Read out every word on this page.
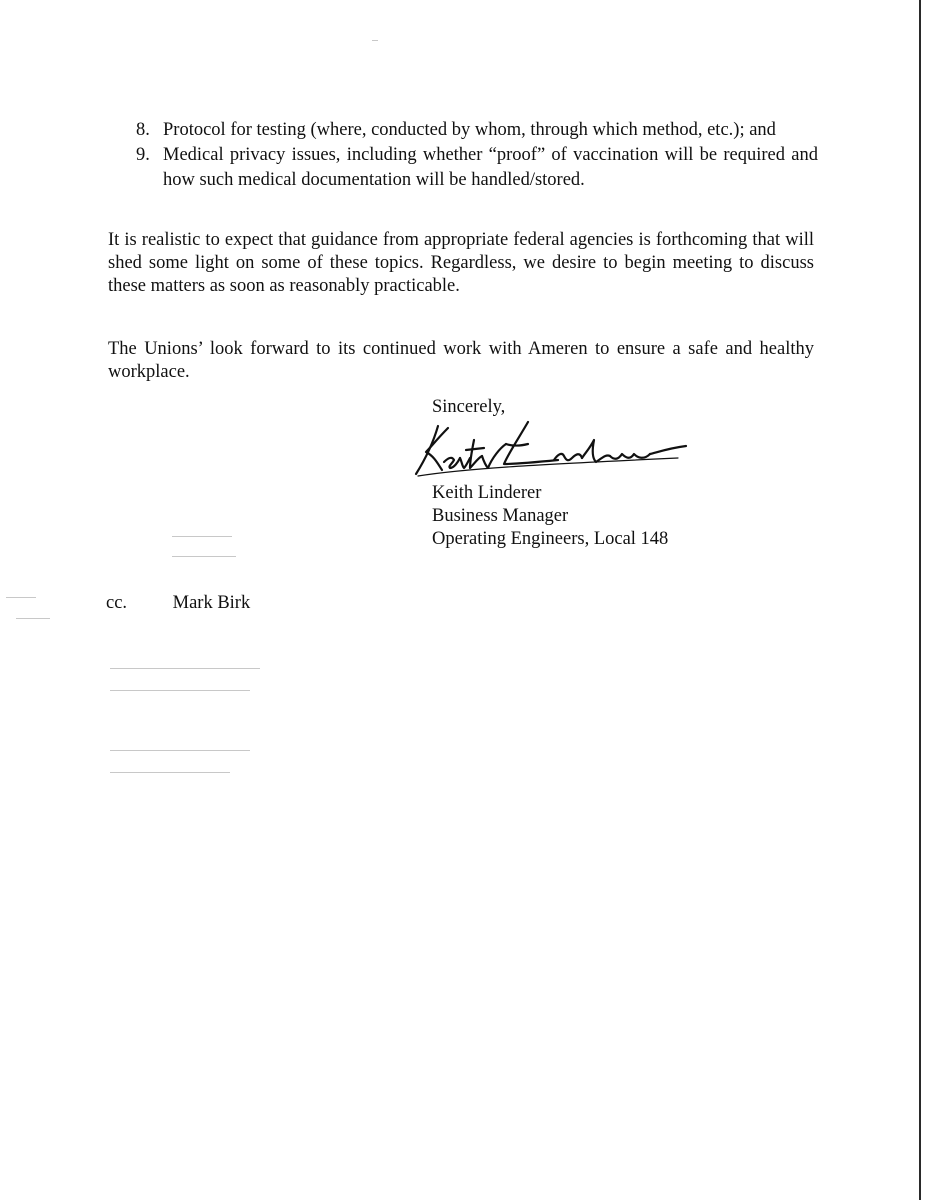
8. Protocol for testing (where, conducted by whom, through which method, etc.); and
9. Medical privacy issues, including whether “proof” of vaccination will be required and how such medical documentation will be handled/stored.

It is realistic to expect that guidance from appropriate federal agencies is forthcoming that will shed some light on some of these topics. Regardless, we desire to begin meeting to discuss these matters as soon as reasonably practicable.

The Unions’ look forward to its continued work with Ameren to ensure a safe and healthy workplace.

Sincerely,
Keith Linderer
Business Manager
Operating Engineers, Local 148
cc. Mark Birk
